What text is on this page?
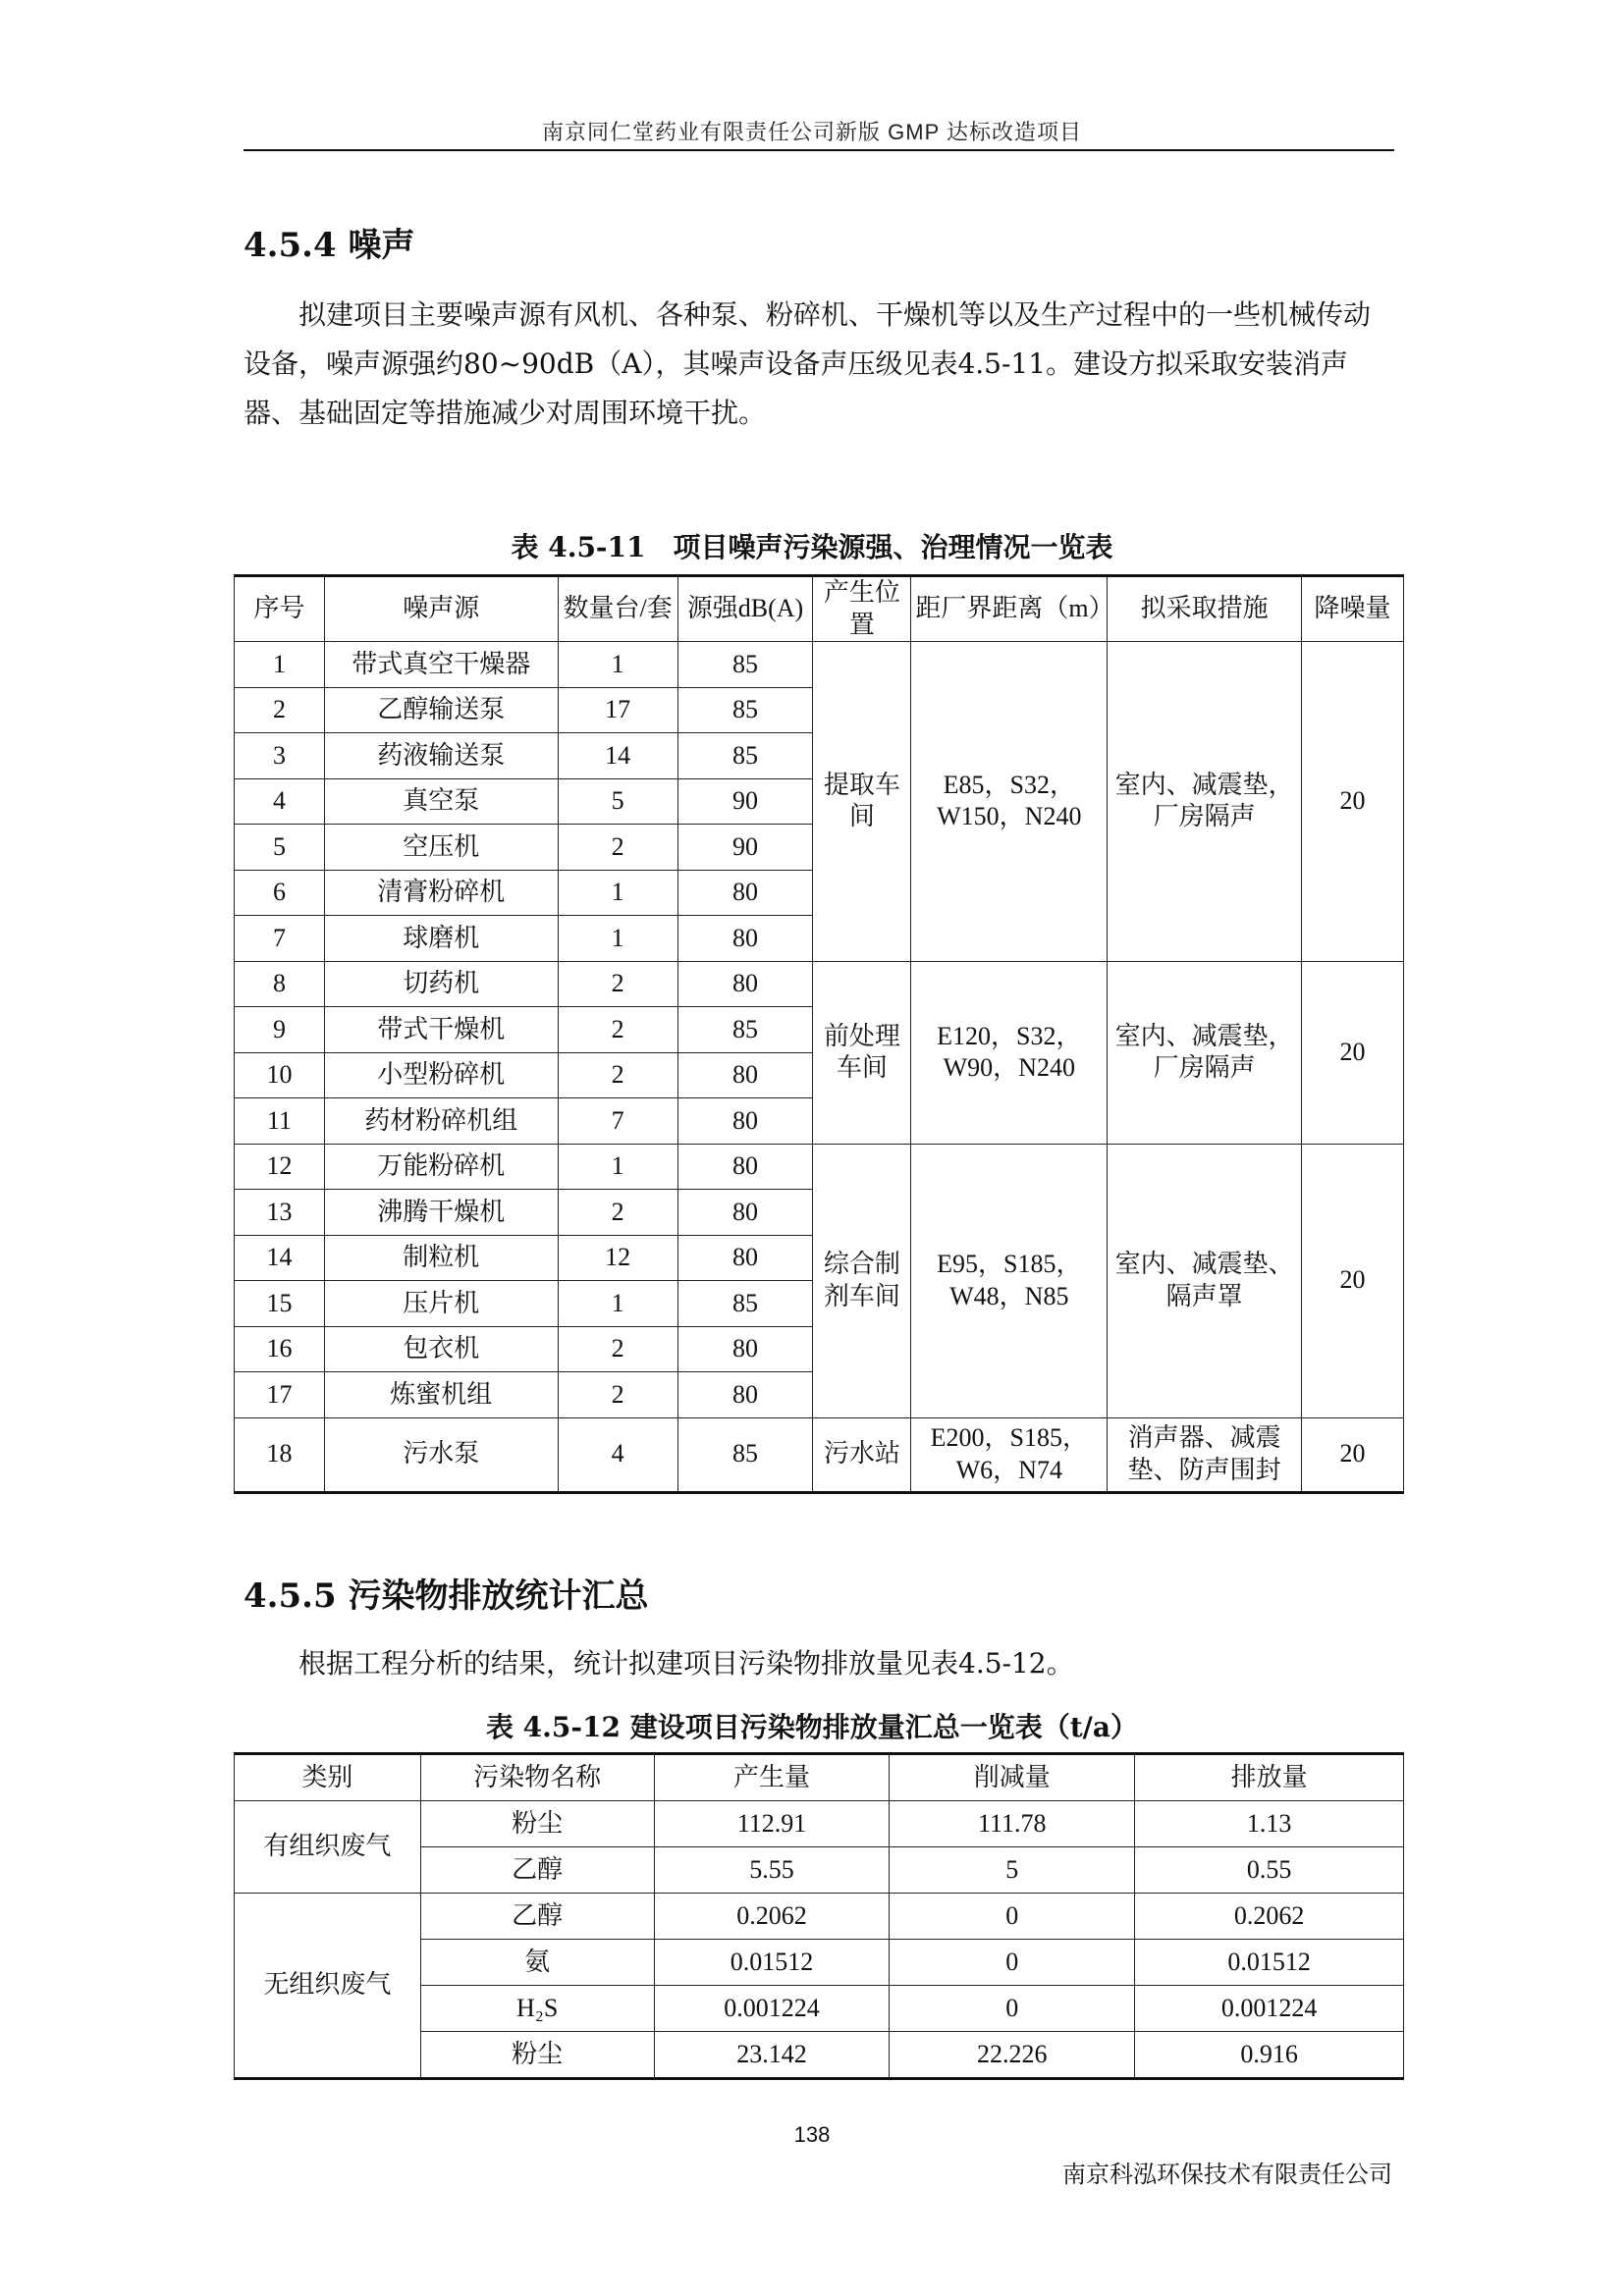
南京同仁堂药业有限责任公司新版 GMP 达标改造项目
4.5.4 噪声

拟建项目主要噪声源有风机、各种泵、粉碎机、干燥机等以及生产过程中的一些机械传动设备，噪声源强约80~90dB（A），其噪声设备声压级见表4.5-11。建设方拟采取安装消声器、基础固定等措施减少对周围环境干扰。

表 4.5-11　项目噪声污染源强、治理情况一览表
序号	噪声源	数量台/套	源强dB(A)	产生位置	距厂界距离（m）	拟采取措施	降噪量
1	带式真空干燥器	1	85	提取车间	E85，S32，W150，N240	室内、减震垫，厂房隔声	20
2	乙醇输送泵	17	85				
3	药液输送泵	14	85				
4	真空泵	5	90				
5	空压机	2	90				
6	清膏粉碎机	1	80				
7	球磨机	1	80				
8	切药机	2	80	前处理车间	E120，S32，W90，N240	室内、减震垫，厂房隔声	20
9	带式干燥机	2	85				
10	小型粉碎机	2	80				
11	药材粉碎机组	7	80				
12	万能粉碎机	1	80	综合制剂车间	E95，S185，W48，N85	室内、减震垫、隔声罩	20
13	沸腾干燥机	2	80				
14	制粒机	12	80				
15	压片机	1	85				
16	包衣机	2	80				
17	炼蜜机组	2	80				
18	污水泵	4	85	污水站	E200，S185，W6，N74	消声器、减震垫、防声围封	20
4.5.5 污染物排放统计汇总

根据工程分析的结果，统计拟建项目污染物排放量见表4.5-12。

表 4.5-12 建设项目污染物排放量汇总一览表（t/a）
类别	污染物名称	产生量	削减量	排放量
有组织废气	粉尘	112.91	111.78	1.13
	乙醇	5.55	5	0.55
无组织废气	乙醇	0.2062	0	0.2062
	氨	0.01512	0	0.01512
	H₂S	0.001224	0	0.001224
	粉尘	23.142	22.226	0.916
138
南京科泓环保技术有限责任公司
